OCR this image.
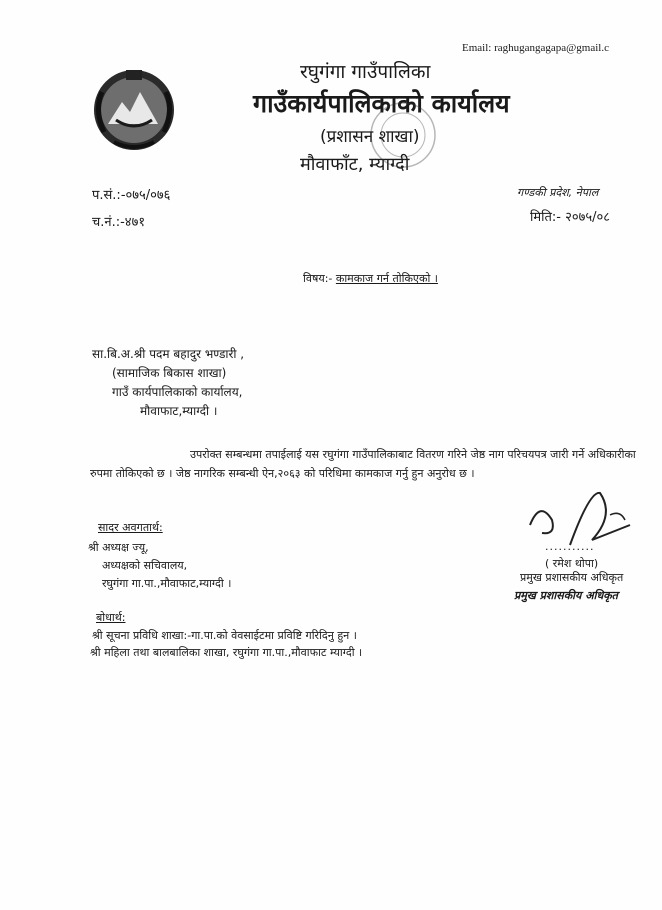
Email: raghugangagapa@gmail.c
रघुगंगा गाउँपालिका
गाउँकार्यपालिकाको कार्यालय
(प्रशासन शाखा)
मौवाफाँट, म्याग्दी
प.सं.:-०७५/०७६
च.नं.:-४७१
गण्डकी प्रदेश, नेपाल
मिति:- २०७५/०८
विषय:- कामकाज गर्न तोकिएको ।
सा.बि.अ.श्री पदम बहादुर भण्डारी ,
(सामाजिक बिकास शाखा)
गाउँ कार्यपालिकाको कार्यालय,
मौवाफाट,म्याग्दी ।

उपरोक्त सम्बन्धमा तपाईलाई यस रघुगंगा गाउँपालिकाबाट वितरण गरिने जेष्ठ नाग परिचयपत्र जारी गर्ने अधिकारीका रुपमा तोकिएको छ । जेष्ठ नागरिक सम्बन्धी ऐन,२०६३ को परिधिमा कामकाज गर्नु हुन अनुरोध छ ।

सादर अवगतार्थ:
श्री अध्यक्ष ज्यू,
अध्यक्षको सचिवालय,
रघुगंगा गा.पा.,मौवाफाट,म्याग्दी ।
बोधार्थ:
श्री सूचना प्रविधि शाखा:-गा.पा.को वेवसाईटमा प्रविष्टि गरिदिनु हुन ।
श्री महिला तथा बालबालिका शाखा, रघुगंगा गा.पा.,मौवाफाट म्याग्दी ।
...........
( रमेश थोपा)
प्रमुख प्रशासकीय अधिकृत
प्रमुख प्रशासकीय अधिकृत
